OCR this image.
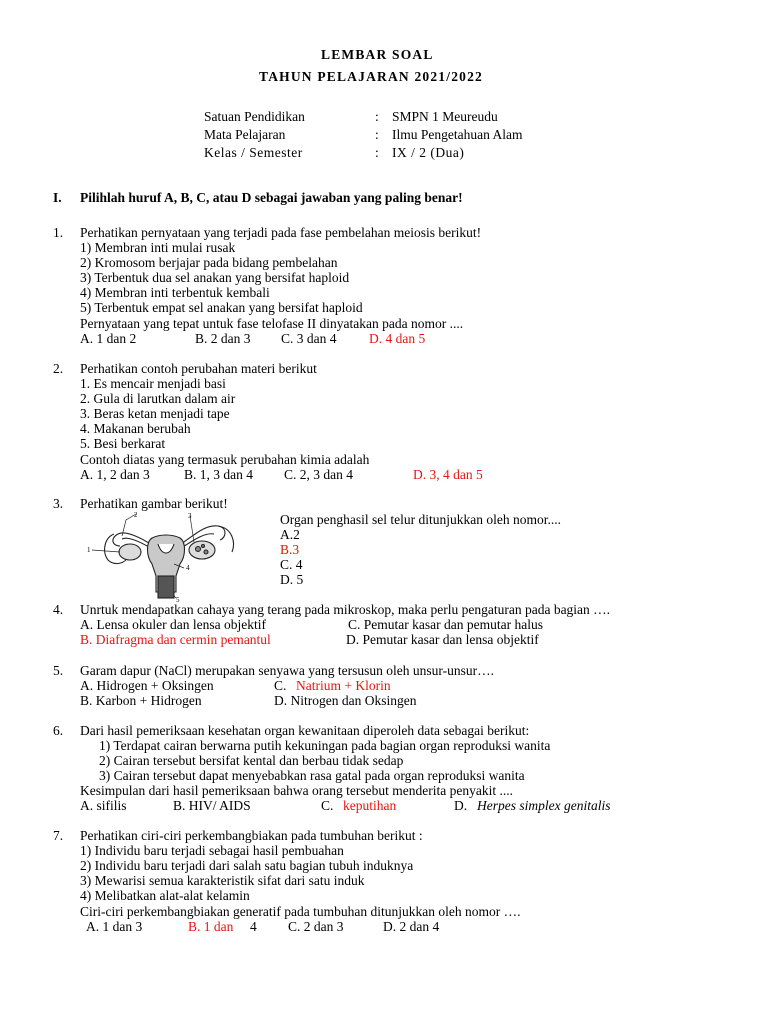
LEMBAR SOAL
TAHUN PELAJARAN 2021/2022
Satuan Pendidikan	: SMPN 1 Meureudu
Mata Pelajaran	: Ilmu Pengetahuan Alam
Kelas / Semester	: IX / 2 (Dua)
I. Pilihlah huruf A, B, C, atau D sebagai jawaban yang paling benar!
1. Perhatikan pernyataan yang terjadi pada fase pembelahan meiosis berikut!
1) Membran inti mulai rusak
2) Kromosom berjajar pada bidang pembelahan
3) Terbentuk dua sel anakan yang bersifat haploid
4) Membran inti terbentuk kembali
5) Terbentuk empat sel anakan yang bersifat haploid
Pernyataan yang tepat untuk fase telofase II dinyatakan pada nomor ....
A. 1 dan 2	B. 2 dan 3 C. 3 dan 4 D. 4 dan 5
2. Perhatikan contoh perubahan materi berikut
1. Es mencair menjadi basi
2. Gula di larutkan dalam air
3. Beras ketan menjadi tape
4. Makanan berubah
5. Besi berkarat
Contoh diatas yang termasuk perubahan kimia adalah
A. 1, 2 dan 3	B. 1, 3 dan 4 C. 2, 3 dan 4	D. 3, 4 dan 5
3. Perhatikan gambar berikut!
1
2	3
4
5
Organ penghasil sel telur ditunjukkan oleh nomor....
A.2
B.3
C. 4
D. 5
4. Unrtuk mendapatkan cahaya yang terang pada mikroskop, maka perlu pengaturan pada bagian ….
A. Lensa okuler dan lensa objektif	C. Pemutar kasar dan pemutar halus
B. Diafragma dan cermin pemantul	D. Pemutar kasar dan lensa objektif
5. Garam dapur (NaCl) merupakan senyawa yang tersusun oleh unsur-unsur….
A. Hidrogen + Oksingen	C. Natrium + Klorin
B. Karbon + Hidrogen	D. Nitrogen dan Oksingen
6. Dari hasil pemeriksaan kesehatan organ kewanitaan diperoleh data sebagai berikut:
1) Terdapat cairan berwarna putih kekuningan pada bagian organ reproduksi wanita
2) Cairan tersebut bersifat kental dan berbau tidak sedap
3) Cairan tersebut dapat menyebabkan rasa gatal pada organ reproduksi wanita
Kesimpulan dari hasil pemeriksaan bahwa orang tersebut menderita penyakit ....
A. sifilis	B. HIV/ AIDS	C. keputihan	D. Herpes simplex genitalis
7. Perhatikan ciri-ciri perkembangbiakan pada tumbuhan berikut :
1) Individu baru terjadi sebagai hasil pembuahan
2) Individu baru terjadi dari salah satu bagian tubuh induknya
3) Mewarisi semua karakteristik sifat dari satu induk
4) Melibatkan alat-alat kelamin
Ciri-ciri perkembangbiakan generatif pada tumbuhan ditunjukkan oleh nomor ….
A. 1 dan 3	B. 1 dan 4 C. 2 dan 3	D. 2 dan 4
